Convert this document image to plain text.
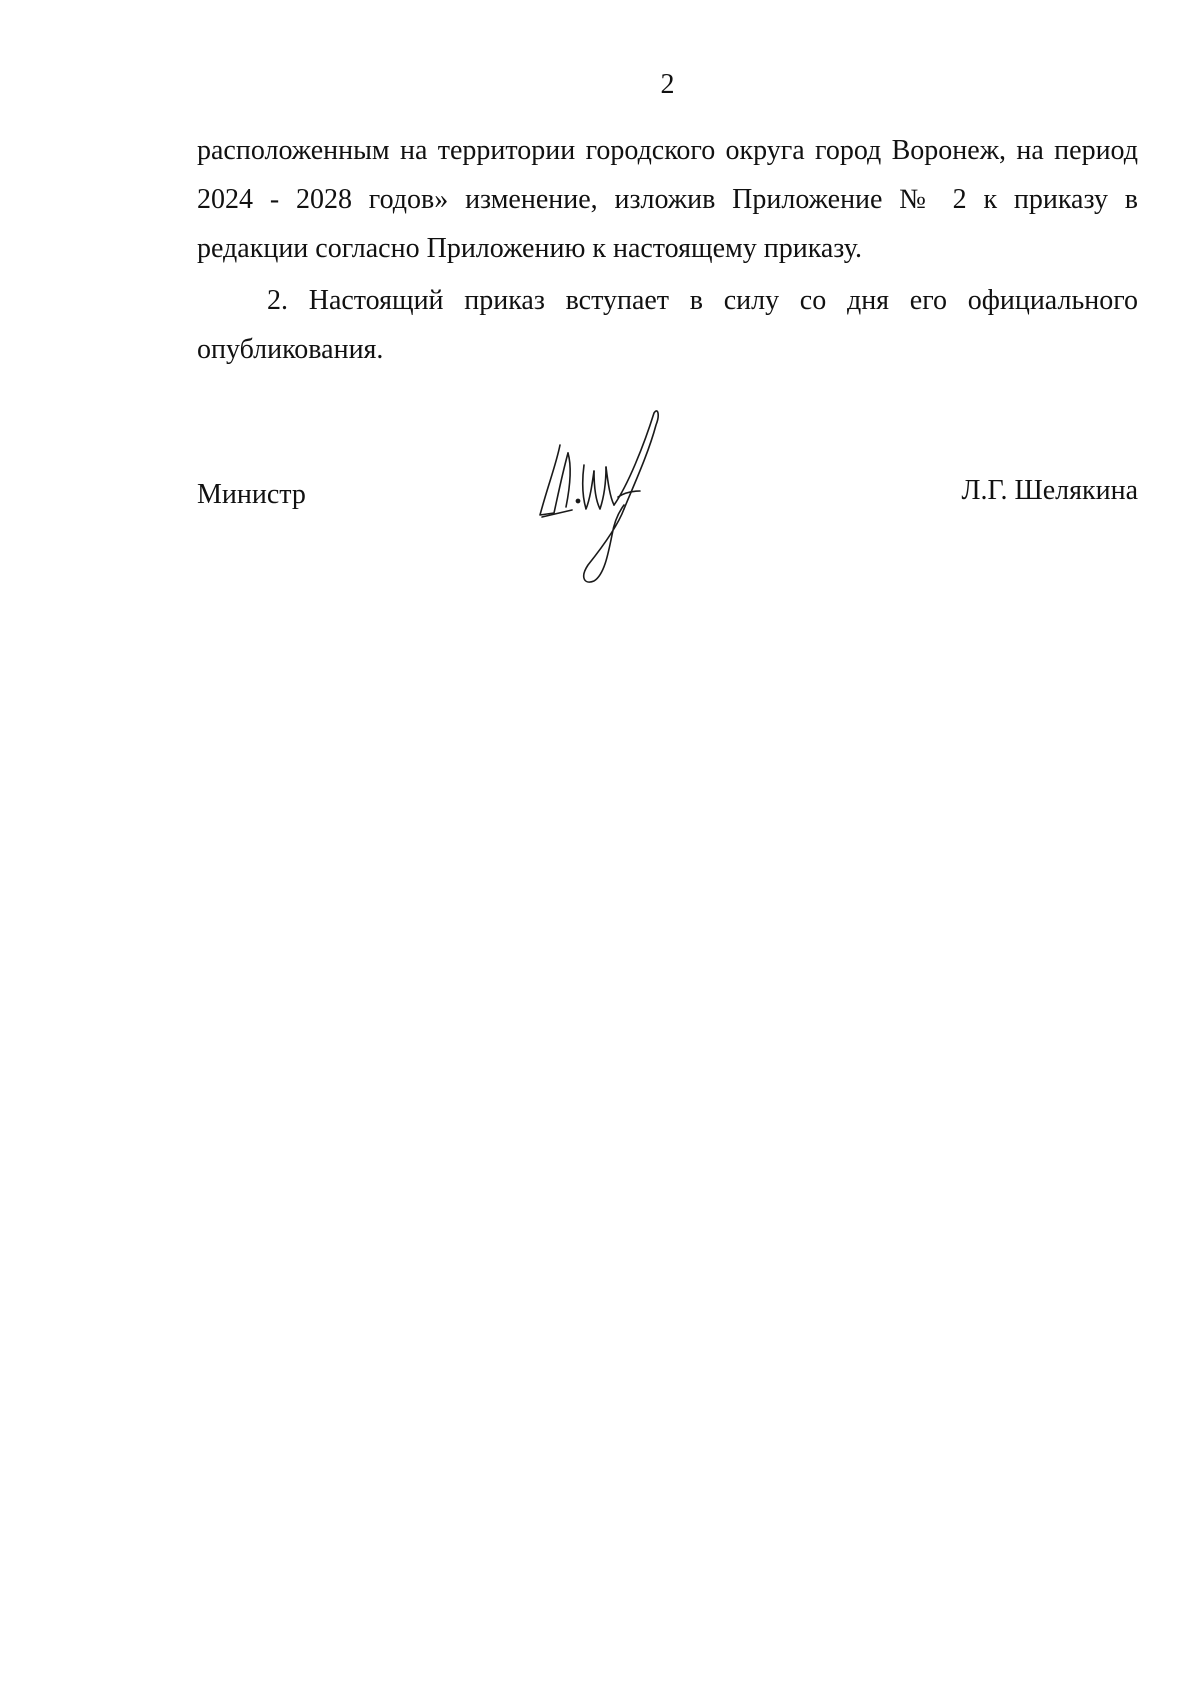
2

расположенным на территории городского округа город Воронеж, на период 2024 - 2028 годов» изменение, изложив Приложение № 2 к приказу в редакции согласно Приложению к настоящему приказу.

2. Настоящий приказ вступает в силу со дня его официального опубликования.

Министр	Л.Г. Шелякина
